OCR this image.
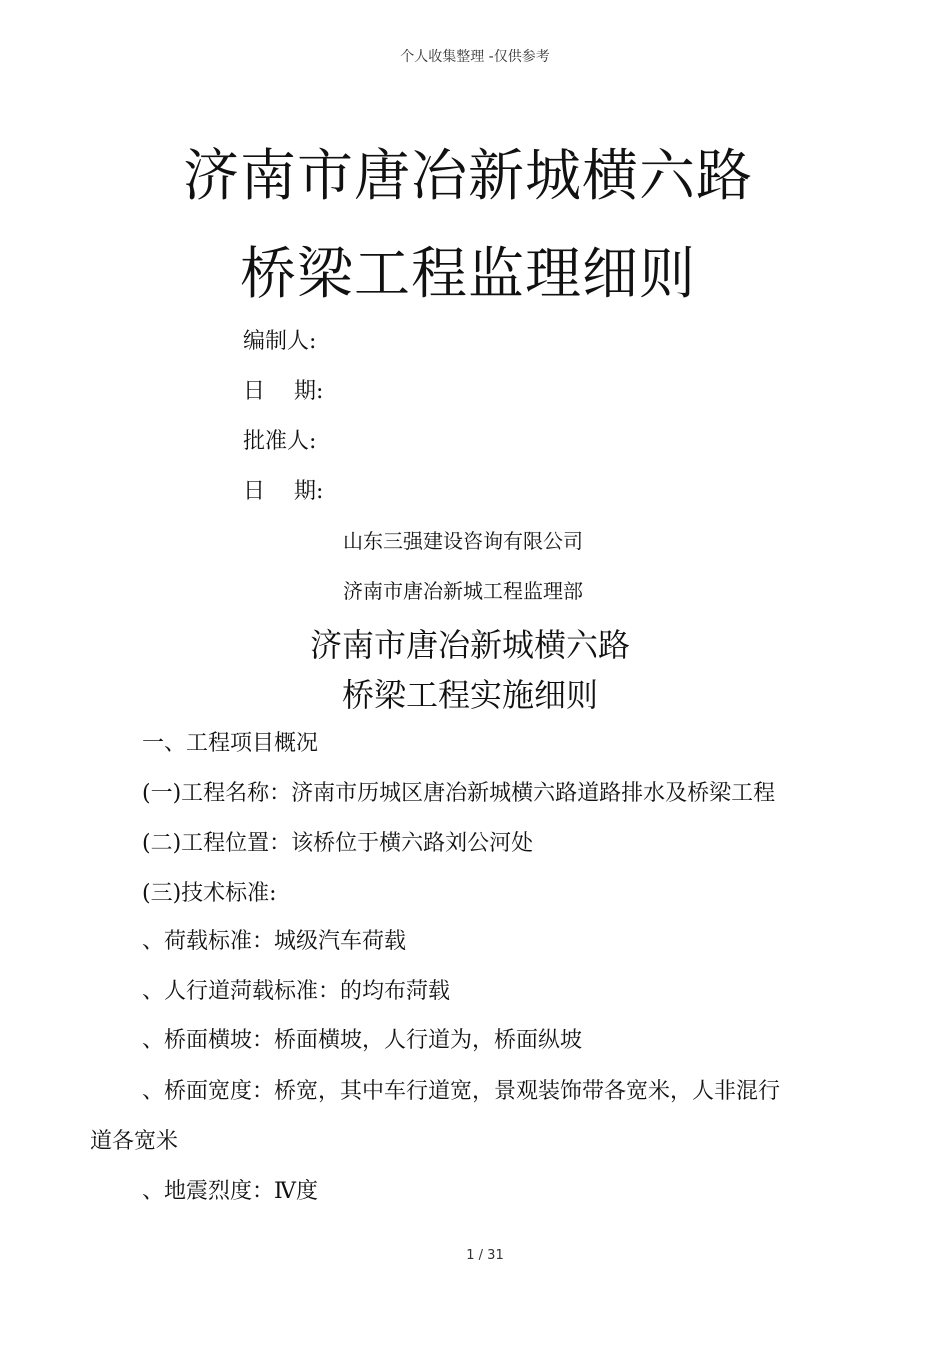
个人收集整理 -仅供参考
济南市唐冶新城横六路
桥梁工程监理细则
编制人:
日　 期:
批准人:
日　 期:
山东三强建设咨询有限公司
济南市唐冶新城工程监理部
济南市唐冶新城横六路
桥梁工程实施细则
一、工程项目概况
(一)工程名称：济南市历城区唐冶新城横六路道路排水及桥梁工程
(二)工程位置：该桥位于横六路刘公河处
(三)技术标准:
、荷载标准：城级汽车荷载
、人行道菏载标准：的均布菏载
、桥面横坡：桥面横坡，人行道为，桥面纵坡
、桥面宽度：桥宽，其中车行道宽，景观装饰带各宽米，人非混行
道各宽米
、地震烈度：Ⅳ度
1 / 31
